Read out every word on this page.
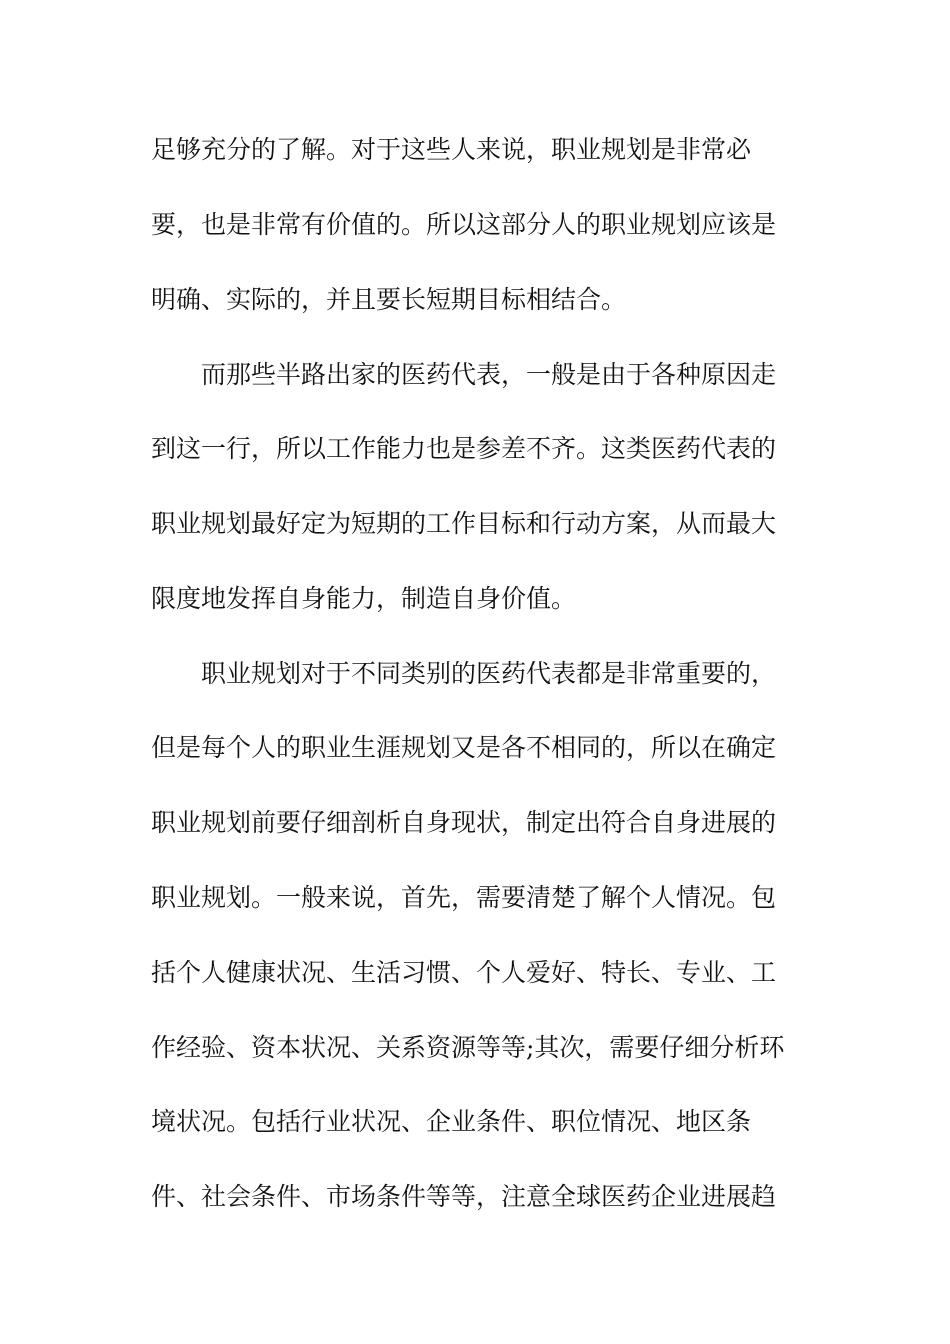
足够充分的了解。对于这些人来说，职业规划是非常必
要，也是非常有价值的。所以这部分人的职业规划应该是
明确、实际的，并且要长短期目标相结合。
　　而那些半路出家的医药代表，一般是由于各种原因走
到这一行，所以工作能力也是参差不齐。这类医药代表的
职业规划最好定为短期的工作目标和行动方案，从而最大
限度地发挥自身能力，制造自身价值。
　　职业规划对于不同类别的医药代表都是非常重要的，
但是每个人的职业生涯规划又是各不相同的，所以在确定
职业规划前要仔细剖析自身现状，制定出符合自身进展的
职业规划。一般来说，首先，需要清楚了解个人情况。包
括个人健康状况、生活习惯、个人爱好、特长、专业、工
作经验、资本状况、关系资源等等;其次，需要仔细分析环
境状况。包括行业状况、企业条件、职位情况、地区条
件、社会条件、市场条件等等，注意全球医药企业进展趋
